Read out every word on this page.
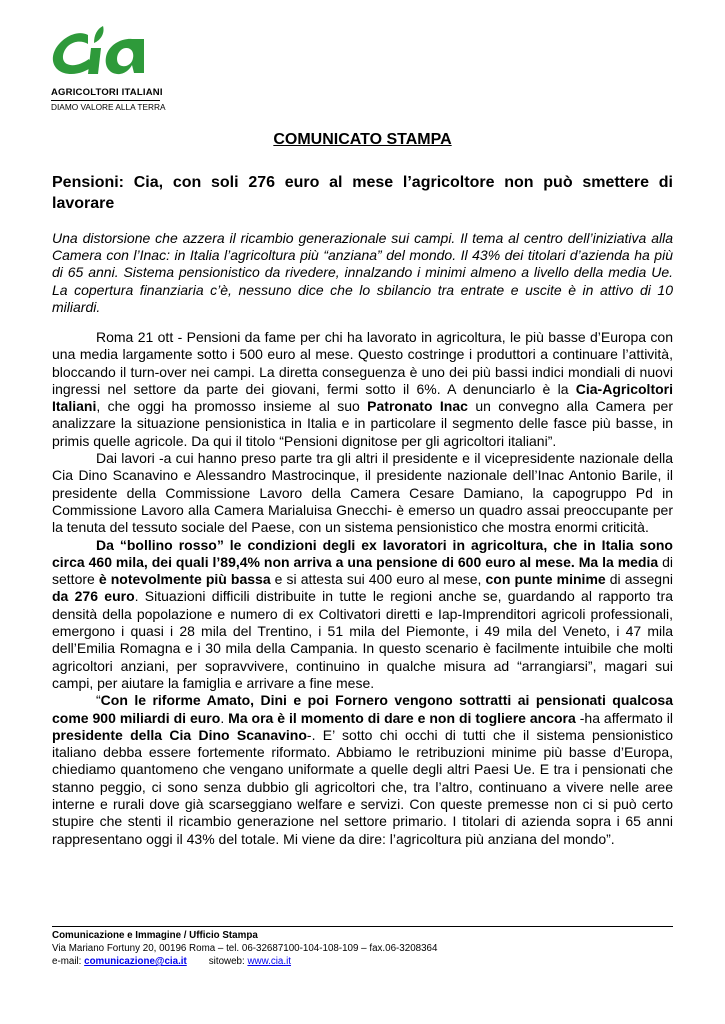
AGRICOLTORI ITALIANI
DIAMO VALORE ALLA TERRA
COMUNICATO STAMPA
Pensioni: Cia, con soli 276 euro al mese l’agricoltore non può smettere di lavorare

Una distorsione che azzera il ricambio generazionale sui campi. Il tema al centro dell’iniziativa alla Camera con l’Inac: in Italia l’agricoltura più “anziana” del mondo. Il 43% dei titolari d’azienda ha più di 65 anni. Sistema pensionistico da rivedere, innalzando i minimi almeno a livello della media Ue. La copertura finanziaria c’è, nessuno dice che lo sbilancio tra entrate e uscite è in attivo di 10 miliardi.

Roma 21 ott - Pensioni da fame per chi ha lavorato in agricoltura, le più basse d’Europa con una media largamente sotto i 500 euro al mese. Questo costringe i produttori a continuare l’attività, bloccando il turn-over nei campi. La diretta conseguenza è uno dei più bassi indici mondiali di nuovi ingressi nel settore da parte dei giovani, fermi sotto il 6%. A denunciarlo è la Cia-Agricoltori Italiani, che oggi ha promosso insieme al suo Patronato Inac un convegno alla Camera per analizzare la situazione pensionistica in Italia e in particolare il segmento delle fasce più basse, in primis quelle agricole. Da qui il titolo “Pensioni dignitose per gli agricoltori italiani”.

Dai lavori -a cui hanno preso parte tra gli altri il presidente e il vicepresidente nazionale della Cia Dino Scanavino e Alessandro Mastrocinque, il presidente nazionale dell’Inac Antonio Barile, il presidente della Commissione Lavoro della Camera Cesare Damiano, la capogruppo Pd in Commissione Lavoro alla Camera Marialuisa Gnecchi- è emerso un quadro assai preoccupante per la tenuta del tessuto sociale del Paese, con un sistema pensionistico che mostra enormi criticità.

Da “bollino rosso” le condizioni degli ex lavoratori in agricoltura, che in Italia sono circa 460 mila, dei quali l’89,4% non arriva a una pensione di 600 euro al mese. Ma la media di settore è notevolmente più bassa e si attesta sui 400 euro al mese, con punte minime di assegni da 276 euro. Situazioni difficili distribuite in tutte le regioni anche se, guardando al rapporto tra densità della popolazione e numero di ex Coltivatori diretti e Iap-Imprenditori agricoli professionali, emergono i quasi i 28 mila del Trentino, i 51 mila del Piemonte, i 49 mila del Veneto, i 47 mila dell’Emilia Romagna e i 30 mila della Campania. In questo scenario è facilmente intuibile che molti agricoltori anziani, per sopravvivere, continuino in qualche misura ad “arrangiarsi”, magari sui campi, per aiutare la famiglia e arrivare a fine mese.

“Con le riforme Amato, Dini e poi Fornero vengono sottratti ai pensionati qualcosa come 900 miliardi di euro. Ma ora è il momento di dare e non di togliere ancora -ha affermato il presidente della Cia Dino Scanavino-. E’ sotto chi occhi di tutti che il sistema pensionistico italiano debba essere fortemente riformato. Abbiamo le retribuzioni minime più basse d’Europa, chiediamo quantomeno che vengano uniformate a quelle degli altri Paesi Ue. E tra i pensionati che stanno peggio, ci sono senza dubbio gli agricoltori che, tra l’altro, continuano a vivere nelle aree interne e rurali dove già scarseggiano welfare e servizi. Con queste premesse non ci si può certo stupire che stenti il ricambio generazione nel settore primario. I titolari di azienda sopra i 65 anni rappresentano oggi il 43% del totale. Mi viene da dire: l’agricoltura più anziana del mondo”.

Comunicazione e Immagine / Ufficio Stampa
Via Mariano Fortuny 20, 00196 Roma – tel. 06-32687100-104-108-109 – fax.06-3208364
e-mail: comunicazione@cia.it sitoweb: www.cia.it
